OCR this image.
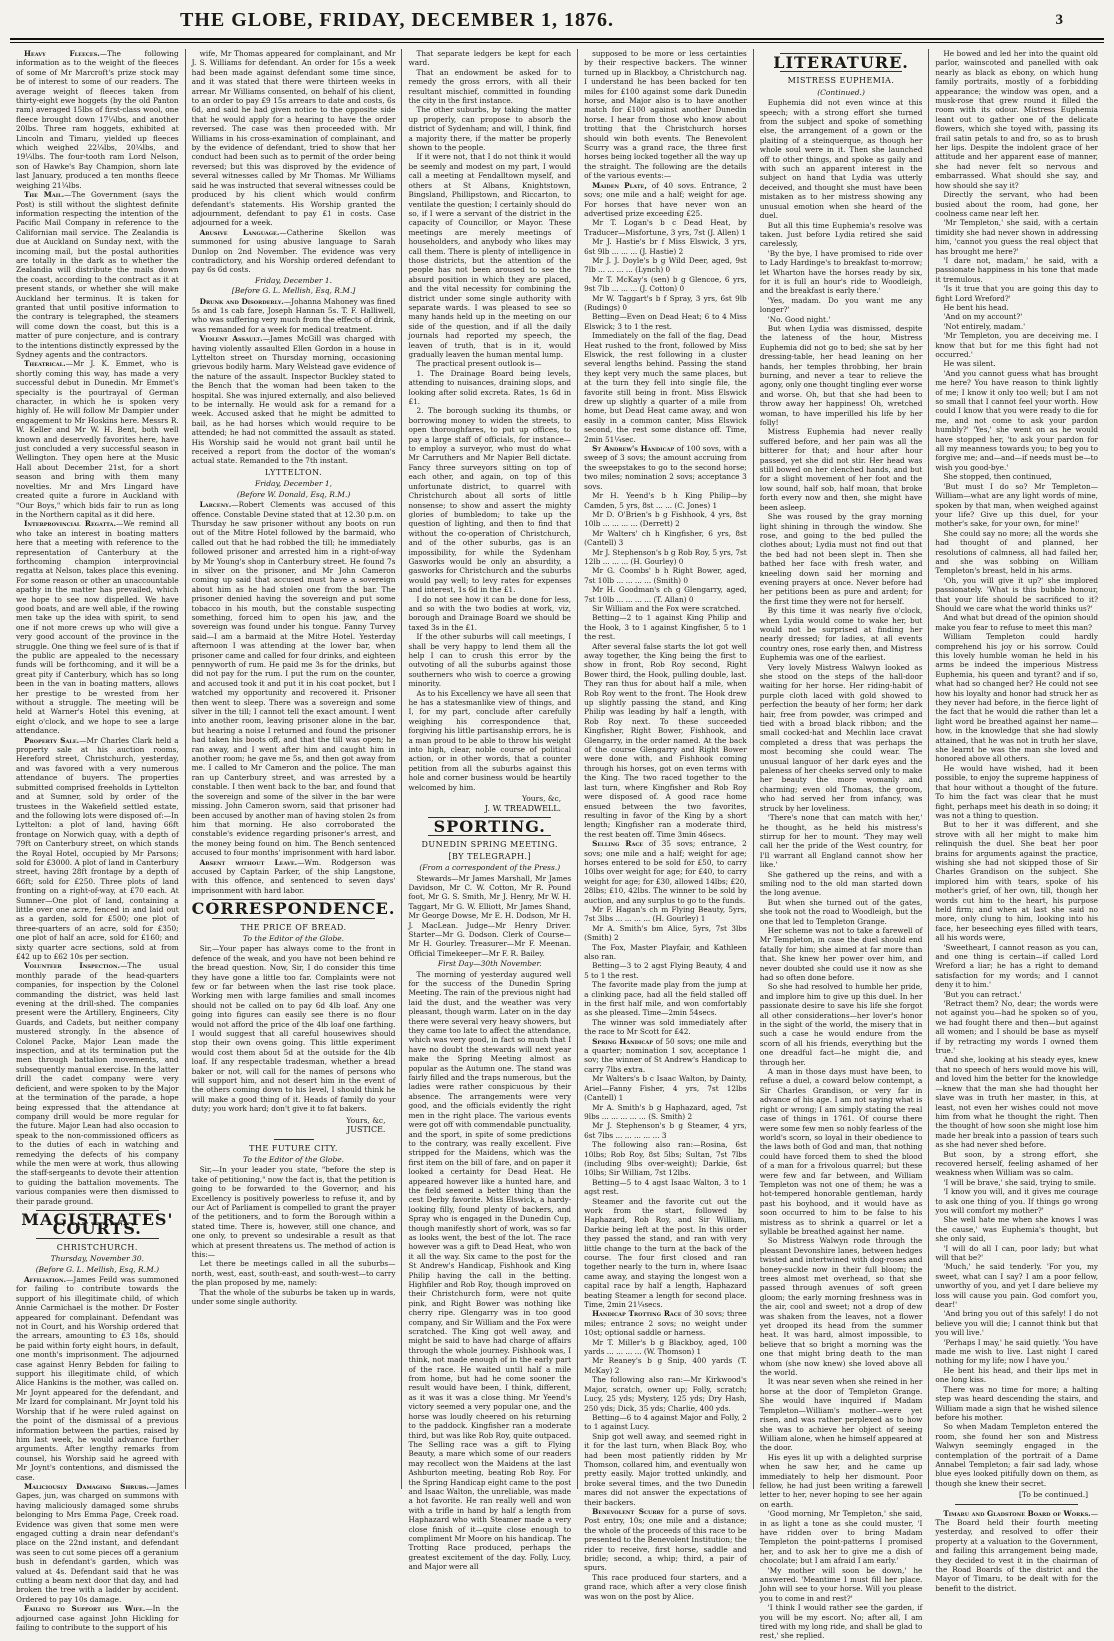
THE GLOBE, FRIDAY, DECEMBER 1, 1876.	3

Heavy Fleeces.—The following information as to the weight of the fleeces of some of Mr Marcroft's prize stock may be of interest to some of our readers. The average weight of fleeces taken from thirty-eight ewe hoggets (by the old Panton ram) averaged 15lbs of first-class wool, one fleece brought down 17¼lbs, and another 20lbs. Three ram hoggets, exhibited at Lincoln and Timaru, yielded up fleeces which weighed 22¼lbs, 20¼lbs, and 19¼lbs. The four-tooth ram Lord Nelson, son of Hawke's Bay Champion, shorn late last January, produced a ten months fleece weighing 21¼lbs.

The Mail.—The Government (says the Post) is still without the slightest definite information respecting the intention of the Pacific Mail Company in reference to the Californian mail service. The Zealandia is due at Auckland on Sunday next, with the incoming mail, but the postal authorities are totally in the dark as to whether the Zealandia will distribute the mails down the coast, according to the contract as it at present stands, or whether she will make Auckland her terminus. It is taken for granted that until positive information to the contrary is telegraphed, the steamers will come down the coast, but this is a matter of pure conjecture, and is contrary to the intentions distinctly expressed by the Sydney agents and the contractors.

Theatrical.—Mr J. K. Emmet, who is shortly coming this way, has made a very successful debut in Dunedin. Mr Emmet's specialty is the pourtrayal of German character, in which he is spoken very highly of. He will follow Mr Dampier under engagement to Mr Hoskins here. Messrs R. W. Keller and Mr W. H. Bent, both well known and deservedly favorites here, have just concluded a very successful season in Wellington. They open here at the Music Hall about December 21st, for a short season and bring with them many novelties. Mr and Mrs Lingard have created quite a furore in Auckland with "Our Boys," which bids fair to run as long in the Northern capital as it did here.

Interprovincial Regatta.—We remind all who take an interest in boating matters here that a meeting with reference to the representation of Canterbury at the forthcoming champion interprovincial regatta at Nelson, takes place this evening. For some reason or other an unaccountable apathy in the matter has prevailed, which we hope to see now dispelled. We have good boats, and are well able, if the rowing men take up the idea with spirit, to send one if not more crews up who will give a very good account of the province in the struggle. One thing we feel sure of is that if the public are appealed to the necessary funds will be forthcoming, and it will be a great pity if Canterbury, which has so long been in the van in boating matters, allows her prestige to be wrested from her without a struggle. The meeting will be held at Warner's Hotel this evening, at eight o'clock, and we hope to see a large attendance.

Property Sale.—Mr Charles Clark held a property sale at his auction rooms, Hereford street, Christchurch, yesterday, and was favored with a very numerous attendance of buyers. The properties submitted comprised freeholds in Lyttelton and at Sumner, sold by order of the trustees in the Wakefield settled estate, and the following lots were disposed of:—In Lyttelton: a plot of land, having 66ft frontage on Norwich quay, with a depth of 79ft on Canterbury street, on which stands the Royal Hotel, occupied by Mr Parsons; sold for £3000. A plot of land in Canterbury street, having 28ft frontage by a depth of 66ft; sold for £250. Three plots of land fronting on a right-of-way, at £70 each. At Sumner—One plot of land, containing a little over one acre, fenced in and laid out as a garden, sold for £500; one plot of three-quarters of an acre, sold for £350; one plot of half an acre, sold for £160; and sixty quarter acre sections, sold at from £42 up to £62 10s per section.

Volunteer Inspection.—The usual monthly parade of the head-quarters companies, for inspection by the Colonel commanding the district, was held last evening at the drill-shed. The companies present were the Artillery, Engineers, City Guards, and Cadets, but neither company mustered strongly. In the absence of Colonel Packe, Major Lean made the inspection, and at its termination put the men through battalion movements, and subsequently manual exercise. In the latter drill the cadet company were very deficient, and were spoken to by the Major at the termination of the parade, a hope being expressed that the attendance at company drill would be more regular for the future. Major Lean had also occasion to speak to the non-commissioned officers as to the duties of each in watching and remedying the defects of his company while the men were at work, thus allowing the staff-sergeants to devote their attention to guiding the battalion movements. The various companies were then dismissed to their parade ground.

MAGISTRATES' COURTS.
CHRISTCHURCH.
Thursday, November 30.
(Before G. L. Mellish, Esq, R.M.)

Affiliation.—James Feild was summoned for failing to contribute towards the support of his illegitimate child, of which Annie Carmichael is the mother. Dr Foster appeared for complainant. Defendant was not in Court, and his Worship ordered that the arrears, amounting to £3 18s, should be paid within forty eight hours, in default, one month's imprisonment. The adjourned case against Henry Bebden for failing to support his illegitimate child, of which Alice Hankins is the mother, was called on. Mr Joynt appeared for the defendant, and Mr Izard for complainant. Mr Joynt told his Worship that if he were ruled against on the point of the dismissal of a previous information between the parties, raised by him last week, he would advance further arguments. After lengthy remarks from counsel, his Worship said he agreed with Mr Joynt's contentions, and dismissed the case.

Maliciously Damaging Shrubs.—James Gapes, jun, was charged on summons with having maliciously damaged some shrubs belonging to Mrs Emma Page, Creek road. Evidence was given that some men were engaged cutting a drain near defendant's place on the 22nd instant, and defendant was seen to cut some pieces off a geranium bush in defendant's garden, which was valued at 4s. Defendant said that he was cutting a beam next door that day, and had broken the tree with a ladder by accident. Ordered to pay 10s damage.

Failing to Support his Wife.—In the adjourned case against John Hickling for failing to contribute to the support of his

wife, Mr Thomas appeared for complainant, and Mr J. S. Williams for defendant. An order for 15s a week had been made against defendant some time since, and it was stated that there were thirteen weeks in arrear. Mr Williams consented, on behalf of his client, to an order to pay £9 15s arrears to date and costs, 6s 6d, and said he had given notice to the opposite side that he would apply for a hearing to have the order reversed. The case was then proceeded with. Mr Williams in his cross-examination of complainant, and by the evidence of defendant, tried to show that her conduct had been such as to permit of the order being reversed; but this was disproved by the evidence of several witnesses called by Mr Thomas. Mr Williams said he was instructed that several witnesses could be produced by his client which would confirm defendant's statements. His Worship granted the adjournment, defendant to pay £1 in costs. Case adjourned for a week.

Abusive Language.—Catherine Skellon was summoned for using abusive language to Sarah Dunlop on 2nd November. The evidence was very contradictory, and his Worship ordered defendant to pay 6s 6d costs.

Friday, December 1.
[Before G. L. Mellish, Esq, R.M.]

Drunk and Disorderly.—Johanna Mahoney was fined 5s and 1s cab fare, Joseph Hannan 5s. T. F. Halliwell, who was suffering very much from the effects of drink, was remanded for a week for medical treatment.

Violent Assault.—James McGill was charged with having violently assaulted Ellen Gordon in a house in Lyttelton street on Thursday morning, occasioning grievous bodily harm. Mary Welstead gave evidence of the nature of the assault. Inspector Buckley stated to the Bench that the woman had been taken to the hospital. She was injured externally, and also believed to be internally. He would ask for a remand for a week. Accused asked that he might be admitted to bail, as he had horses which would require to be attended; he had not committed the assault as stated. His Worship said he would not grant bail until he received a report from the doctor of the woman's actual state. Remanded to the 7th instant.

LYTTELTON.
Friday, December 1,
(Before W. Donald, Esq, R.M.)

Larceny.—Robert Clements was accused of this offence. Constable Devine stated that at 12.30 p.m. on Thursday he saw prisoner without any boots on run out of the Mitre Hotel followed by the barmaid, who called out that he had robbed the till; he immediately followed prisoner and arrested him in a right-of-way by Mr Young's shop in Canterbury street. He found 7s in silver on the prisoner, and Mr John Cameron coming up said that accused must have a sovereign about him as he had stolen one from the bar. The prisoner denied having the sovereign and put some tobacco in his mouth, but the constable suspecting something, forced him to open his jaw, and the sovereign was found under his tongue. Fanny Turvey said—I am a barmaid at the Mitre Hotel. Yesterday afternoon I was attending at the lower bar, when prisoner came and called for four drinks, and eighteen pennyworth of rum. He paid me 3s for the drinks, but did not pay for the rum. I put the rum on the counter, and accused took it and put it in his coat pocket, but I watched my opportunity and recovered it. Prisoner then went to sleep. There was a sovereign and some silver in the till; I cannot tell the exact amount. I went into another room, leaving prisoner alone in the bar, but hearing a noise I returned and found the prisoner had taken his boots off, and that the till was open; he ran away, and I went after him and caught him in another room; he gave me 5s, and then got away from me. I called to Mr Cameron and the police. The man ran up Canterbury street, and was arrested by a constable. I then went back to the bar, and found that the sovereign and some of the silver in the bar were missing. John Cameron sworn, said that prisoner had been accused by another man of having stolen 2s from him that morning. He also corroborated the constable's evidence regarding prisoner's arrest, and the money being found on him. The Bench sentenced accused to four months' imprisonment with hard labor.

Absent without Leave.—Wm. Rodgerson was accused by Captain Parker, of the ship Langstone, with this offence, and sentenced to seven days' imprisonment with hard labor.

CORRESPONDENCE.
THE PRICE OF BREAD.
To the Editor of the Globe.

Sir,—Your paper has always come to the front in defence of the weak, and you have not been behind re the bread question. Now, Sir, I do consider this time they have gone a little too far. Complaints were not few or far between when the last rise took place. Working men with large families and small incomes should not be called on to pay 6d 4lb loaf. Any one going into figures can easily see there is no flour would not afford the price of the 4lb loaf one farthing. I would suggest that all careful housewives should stop their own ovens going. This little experiment would cost them about 5d at the outside for the 4lb loaf. If any respectable tradesman, whether a bread baker or not, will call for the names of persons who will support him, and not desert him in the event of the others coming down to his level, I should think he will make a good thing of it. Heads of family do your duty; you work hard; don't give it to fat bakers.

Yours, &c,
JUSTICE.
THE FUTURE CITY.
To the Editor of the Globe.

Sir,—In your leader you state, "before the step is take of petitioning," now the fact is, that the petition is going to be forwarded to the Governor, and his Excellency is positively powerless to refuse it, and by our Act of Parliament is compelled to grant the prayer of the petitioners, and to form the Borough within a stated time. There is, however, still one chance, and one only, to prevent so undesirable a result as that which at present threatens us. The method of action is this:—

Let there be meetings called in all the suburbs—north, west, east, south-east, and south-west—to carry the plan proposed by me, namely:

That the whole of the suburbs be taken up in wards, under some single authority.

That separate ledgers be kept for each ward.

That an endowment be asked for to remedy the gross errors, with all their resultant mischief, committed in founding the city in the first instance.

The other suburbs, by taking the matter up properly, can propose to absorb the district of Sydenham; and will, I think, find a majority there, if the matter be properly shown to the people.

If it were not, that I do not think it would be seemly and modest on my part, I would call a meeting at Fendalltown myself, and others at St Albans, Knightstown, Bingsland, Phillipstown, and Riccarton, to ventilate the question; I certainly should do so, if I were a servant of the district in the capacity of Councillor, or Mayor. These meetings are merely meetings of householders, and anybody who likes may call them. There is plenty of intelligence in those districts, but the attention of the people has not been aroused to see the absurd position in which they are placed, and the vital necessity for combining the district under some single authority with separate wards. I was pleased to see so many hands held up in the meeting on our side of the question, and if all the daily journals had reported my speech, the leaven of truth, that is in it, would gradually leaven the human mental lump.

The practical present outlook is—

1. The Drainage Board being levels, attending to nuisances, draining slops, and looking after solid excreta. Rates, 1s 6d in £1.

2. The borough sucking its thumbs, or borrowing money to widen the streets, to open thoroughfares, to put up offices, to pay a large staff of officials, for instance—to employ a surveyor, who must do what Mr Carruthers and Mr Napier Bell dictate. Fancy three surveyors sitting on top of each other, and again, on top of this unfortunate district, to quarrel with Christchurch about all sorts of little nonsense; to show and assert the mighty glories of bumbledom; to take up the question of lighting, and then to find that without the co-operation of Christchurch, and of the other suburbs, gas is an impossibility, for while the Sydenham Gasworks would be only an absurdity, a gasworks for Christchurch and the suburbs would pay well; to levy rates for expenses and interest, 1s 6d in the £1.

I do not see how it can be done for less, and so with the two bodies at work, viz, borough and Drainage Board we should be taxed 3s in the £1.

If the other suburbs will call meetings, I shall be very happy to lend them all the help I can to crush this error by the outvoting of all the suburbs against those southerners who wish to coerce a growing minority.

As to his Excellency we have all seen that he has a statesmanlike view of things, and I, for my part, conclude after carefully weighing his correspondence that, forgiving his little partisanship errors, he is a man proud to be able to throw his weight into high, clear, noble course of political action, or in other words, that a counter petition from all the suburbs against this hole and corner business would be heartily welcomed by him.

Yours, &c,
J. W. TREADWELL.
SPORTING.
DUNEDIN SPRING MEETING.
[BY TELEGRAPH.]
(From a correspondent of the Press.)

Stewards—Mr James Marshall, Mr James Davidson, Mr C. W. Cotton, Mr R. Pound foot, Mr G. S. Smith, Mr J. Henry, Mr W. H. Taggart, Mr G. W. Elliott, Mr James Shand, Mr George Dowse, Mr E. H. Dodson, Mr H. J. MacLean. Judge—Mr Henry Driver. Starter—Mr G. Dodson. Clerk of Course—Mr H. Gourley. Treasurer—Mr F. Meenan. Official Timekeeper—Mr F. R. Bailey.

First Day—30th November.

The morning of yesterday augured well for the success of the Dunedin Spring Meeting. The rain of the previous night had laid the dust, and the weather was very pleasant, though warm. Later on in the day there were several very heavy showers, but they came too late to affect the attendance, which was very good, in fact so much that I have no doubt the stewards will next year make the Spring Meeting almost as popular as the Autumn one. The stand was fairly filled and the traps numerous, but the ladies were rather conspicuous by their absence. The arrangements were very good, and the officials evidently the right men in the right place. The various events were got off with commendable punctuality, and the sport, in spite of some predictions to the contrary, was really excellent. Five stripped for the Maidens, which was the first item on the bill of fare, and on paper it looked a certainty for Dead Heat. He appeared however like a hunted hare, and the field seemed a better thing than the cest Derby favorite. Miss Elswick, a hardy-looking filly, found plenty of backers, and Spray who is engaged in the Dunedin Cup, though manifestly short of work, was so far as looks went, the best of the lot. The race however was a gift to Dead Heat, who won it all the way. Six came to the post for the St Andrew's Handicap, Fishhook and King Philip having the call in the betting. Highfiler and Rob Roy, though improved on their Christchurch form, were not quite pink, and Right Bower was nothing like cherry ripe. Glengarry was in too good company, and Sir William and the Fox were scratched. The King got well away, and might be said to have had charge of affairs through the whole journey. Fishhook was, I think, not made enough of in the early part of the race. He waited until half a mile from home, but had he come sooner the result would have been, I think, different, as it was it was a close thing. Mr Yeend's victory seemed a very popular one, and the horse was loudly cheered on his returning to the paddock. Kingfisher ran a moderate third, but was like Rob Roy, quite outpaced. The Selling race was a gift to Flying Beauty, a mare which some of our readers may recollect won the Maidens at the last Ashburton meeting, beating Rob Roy. For the Spring Handicap eight came to the post and Isaac Walton, the unreliable, was made a hot favorite. He ran really well and won with a trifle in hand by half a length from Haphazard who with Steamer made a very close finish of it—quite close enough to compliment Mr Moore on his handicap. The Trotting Race produced, perhaps the greatest excitement of the day. Folly, Lucy, and Major were all

supposed to be more or less certainties by their respective backers. The winner turned up in Blackboy, a Christchurch nag. I understand he has been backed for ten miles for £100 against some dark Dunedin horse, and Major also is to have another match for £100 against another Dunedin horse. I hear from those who know about trotting that the Christchurch horses should win both events. The Benevolent Scurry was a grand race, the three first horses being locked together all the way up the straight. The following are the details of the various events:—

Maiden Plate, of 40 sovs. Entrance, 2 sovs; one mile and a half; weight for age. For horses that have never won an advertised prize exceeding £25.

Mr T. Logan's b c Dead Heat, by Traducer—Misfortune, 3 yrs, 7st (J. Allen) 1

Mr J. Hastie's br f Miss Elswick, 3 yrs, 6st 9lb ... ... ... (J. Hastie) 2

Mr J. J. Doyle's b g Wild Deer, aged, 9st 7lb ... ... ... ... (Lynch) 0

Mr T. McKay's (sen) b g Glencoe, 6 yrs, 9st 7lb ... ... ... (J. Cotton) 0

Mr W. Taggart's b f Spray, 3 yrs, 6st 9lb (Rudings) 0

Betting—Even on Dead Heat; 6 to 4 Miss Elswick; 3 to 1 the rest.

Immediately on the fall of the flag, Dead Heat rushed to the front, followed by Miss Elswick, the rest following in a cluster several lengths behind. Passing the stand they kept very much the same places, but at the turn they fell into single file, the favorite still being in front. Miss Elswick drew up slightly a quarter of a mile from home, but Dead Heat came away, and won easily in a common canter, Miss Elswick second, the rest some distance off. Time, 2min 51¼sec.

St Andrew's Handicap of 100 sovs, with a sweep of 3 sovs; the amount accruing from the sweepstakes to go to the second horse; two miles; nomination 2 sovs; acceptance 3 sovs.

Mr H. Yeend's b h King Philip—by Camden, 5 yrs, 8st ... ... (C. Jones) 1

Mr D. O'Brien's b g Fishhook, 4 yrs, 8st 10lb ... ... ... ... (Derrett) 2

Mr Walters' ch h Kingfisher, 6 yrs, 8st (Cantell) 3

Mr J. Stephenson's b g Rob Roy, 5 yrs, 7st 12lb ... ... ... (H. Gourley) 0

Mr G. Coombs' b h Right Bower, aged, 7st 10lb ... ... ... ... (Smith) 0

Mr H. Goodman's ch g Glengarry, aged, 7st 10lb ... ... ... ... (T. Allan) 0

Sir William and the Fox were scratched.

Betting—2 to 1 against King Philip and the Hook, 3 to 1 against Kingfisher, 5 to 1 the rest.

After several false starts the lot got well away together, the King being the first to show in front, Rob Roy second, Right Bower third, the Hook, pulling double, last. They ran thus for about half a mile, when Rob Roy went to the front. The Hook drew up slightly passing the stand, and King Philip was leading by half a length, with Rob Roy next. To these succeeded Kingfisher, Right Bower, Fishhook, and Glengarry, in the order named. At the back of the course Glengarry and Right Bower were done with, and Fishhook coming through his horses, got on even terms with the King. The two raced together to the last turn, where Kingfisher and Rob Roy were disposed of. A good race home ensued between the two favorites, resulting in favor of the King by a short length; Kingfisher ran a moderate third, the rest beaten off. Time 3min 46secs.

Selling Race of 35 sovs; entrance, 2 sovs; one mile and a half; weight for age; horses entered to be sold for £50, to carry 10lbs over weight for age; for £40, to carry weight for age; for £30, allowed 14lbs; £20, 28lbs; £10, 42lbs. The winner to be sold by auction, and any surplus to go to the funds.

Mr F. Hagan's ch m Flying Beauty, 5yrs, 7st 3lbs ... ... ... ... (H. Gourley) 1

Mr A. Smith's bm Alice, 5yrs, 7st 3lbs (Smith) 2

The Fox, Master Playfair, and Kathleen also ran.

Betting—3 to 2 agst Flying Beauty, 4 and 5 to 1 the rest.

The favorite made play from the jump at a clinking pace, had all the field stalled off in the first half mile, and won comfortably as she pleased. Time—2min 54secs.

The winner was sold immediately after the race to Mr Scott for £42.

Spring Handicap of 50 sovs; one mile and a quarter; nomination 1 sov, acceptance 1 sov; the winner of St Andrew's Handicap to carry 7lbs extra.

Mr Walters's b c Isaac Walton, by Dainty, Ariel—Fanny Fisher, 4 yrs, 7st 12lbs (Cantell) 1

Mr A. Smith's b g Haphazard, aged, 7st 9lbs ... ... ... ... ... (S. Smith) 2

Mr J. Stephenson's b g Steamer, 4 yrs, 6st 7lbs ... ... ... ... ... 3

The following also ran:—Rosina, 6st 10lbs; Rob Roy, 8st 5lbs; Sultan, 7st 7lbs (including 9lbs over-weight); Darkie, 6st 10lbs; Sir William, 7st 12lbs.

Betting—5 to 4 agst Isaac Walton, 3 to 1 agst rest.

Steamer and the favorite cut out the work from the start, followed by Haphazard, Rob Roy, and Sir William, Darkie being left at the post. In this order they passed the stand, and ran with very little change to the turn at the back of the course. The four first closed and ran together nearly to the turn in, where Isaac came away, and staying the longest won a capital race by half a length, Haphazard beating Steamer a length for second place. Time, 2min 21¼secs.

Handicap Trotting Race of 30 sovs; three miles; entrance 2 sovs; no weight under 10st; optional saddle or harness.

Mr T. Miller's b g Blackboy, aged, 100 yards ... ... ... ... (W. Thomson) 1

Mr Reaney's b g Snip, 400 yards (T. McKay) 2

The following also ran:—Mr Kirkwood's Major, scratch, owner up; Folly, scratch; Lucy, 25 yds; Mystery, 125 yds; Dry Hash, 250 yds; Dick, 35 yds; Charlie, 400 yds.

Betting—6 to 4 against Major and Folly, 2 to 1 against Lucy.

Snip got well away, and seemed right in it for the last turn, when Black Boy, who had been most patiently ridden by Mr Thomson, collared him, and eventually won pretty easily. Major trotted unkindly, and broke several times, and the two Dunedin mares did not answer the expectations of their backers.

Benevolent Scurry for a purse of sovs. Post entry, 10s; one mile and a distance; the whole of the proceeds of this race to be presented to the Benevolent Institution; the rider to receive, first horse, saddle and bridle; second, a whip; third, a pair of spurs.

This race produced four starters, and a grand race, which after a very close finish was won on the post by Alice.

LITERATURE.
MISTRESS EUPHEMIA.
(Continued.)

Euphemia did not even wince at this speech; with a strong effort she turned from the subject and spoke of something else, the arrangement of a gown or the plaiting of a steinquerque, as though her whole soul were in it. Then she launched off to other things, and spoke as gaily and with such an apparent interest in the subject on hand that Lydia was utterly deceived, and thought she must have been mistaken as to her mistress showing any unusual emotion when she heard of the duel.

But all this time Euphemia's resolve was taken. Just before Lydia retired she said carelessly,

'By the bye, I have promised to ride over to Lady Hardinge's to breakfast to-morrow; let Wharton have the horses ready by six, for it is full an hour's ride to Woodleigh, and the breakfast is early there.'

'Yes, madam. Do you want me any longer?'

'No. Good night.'

But when Lydia was dismissed, despite the lateness of the hour, Mistress Euphemia did not go to bed; she sat by her dressing-table, her head leaning on her hands, her temples throbbing, her brain burning, and never a tear to relieve the agony, only one thought tingling ever worse and worse. Oh, but that she had been to throw away her happiness! Oh, wretched woman, to have imperilled his life by her folly!

Mistress Euphemia had never really suffered before, and her pain was all the bitterer for that; and hour after hour passed, yet she did not stir. Her head was still bowed on her clenched hands, and but for a slight movement of her foot and the low sound, half sob, half moan, that broke forth every now and then, she might have been asleep.

She was roused by the gray morning light shining in through the window. She rose, and going to the bed pulled the clothes about; Lydia must not find out that the bed had not been slept in. Then she bathed her face with fresh water, and kneeling down said her morning and evening prayers at once. Never before had her petitions been as pure and ardent; for the first time they were not for herself.

By this time it was nearly five o'clock, when Lydia would come to wake her, but would not be surprised at finding her nearly dressed; for ladies, at all events country ones, rose early then, and Mistress Euphemia was one of the earliest.

Very lovely Mistress Walwyn looked as she stood on the steps of the hall-door waiting for her horse. Her riding-habit of purple cloth laced with gold showed to perfection the beauty of her form; her dark hair, free from powder, was crimped and tied with a broad black ribbon; and the small cocked-hat and Mechlin lace cravat completed a dress that was perhaps the most becoming she could wear. The unusual languor of her dark eyes and the paleness of her cheeks served only to make her beauty the more womanly and charming; even old Thomas, the groom, who had served her from infancy, was struck by her loveliness.

'There's none that can match with her,' he thought, as he held his mistress's stirrup for her to mount. 'They may well call her the pride of the West country, for I'll warrant all England cannot show her like.'

She gathered up the reins, and with a smiling nod to the old man started down the long avenue.

But when she turned out of the gates, she took not the road to Woodleigh, but the one that led to Templeton Grange.

Her scheme was not to take a farewell of Mr Templeton, in case the duel should end fatally for him; she aimed at far more than that. She knew her power over him, and never doubted she could use it now as she had so often done before.

So she had resolved to humble her pride, and implore him to give up this duel. In her passionate desire to save his life she forgot all other considerations—her lover's honor in the sight of the world, the misery that in such a case he would endure from the scorn of all his friends, everything but the one dreadful fact—he might die, and through her.

A man in those days must have been, to refuse a duel, a coward below contempt, a Sir Charles Grandison, or very far in advance of his age. I am not saying what is right or wrong; I am simply stating the real case of things in 1761. Of course there were some few men so nobly fearless of the world's scorn, so loyal in their obedience to the laws both of God and man, that nothing could have forced them to shed the blood of a man for a frivolous quarrel; but these were few and far between, and William Templeton was not one of them; he was a hot-tempered honorable gentleman, hardy past his boyhood, and it would have as soon occurred to him to be false to his mistress as to shrink a quarrel or let a syllable be breathed against her name.

So Mistress Walwyn rode through the pleasant Devonshire lanes, between hedges twisted and intertwined with dog-roses and honey-suckle now in their full bloom; the trees almost met overhead, so that she passed through avenues of soft green gloom; the early morning freshness was in the air, cool and sweet; not a drop of dew was shaken from the leaves, not a flower yet drooped its head from the summer heat. It was hard, almost impossible, to believe that so bright a morning was the one that might bring death to the man whom (she now knew) she loved above all the world.

It was near seven when she reined in her horse at the door of Templeton Grange. She would have inquired if Madam Templeton—William's mother—were yet risen, and was rather perplexed as to how she was to achieve her object of seeing William alone, when he himself appeared at the door.

His eyes lit up with a delighted surprise when he saw her, and he came up immediately to help her dismount. Poor fellow, he had just been writing a farewell letter to her, never hoping to see her again on earth.

'Good morning, Mr Templeton,' she said, in as light a tone as she could muster, 'I have ridden over to bring Madam Templeton the point-patterns I promised her, and to ask her to give me a dish of chocolate; but I am afraid I am early.'

'My mother will soon be down,' he answered. 'Meantime I must fill her place. John will see to your horse. Will you please you to come in and rest?'

'I think I would rather see the garden, if you will be my escort. No; after all, I am tired with my long ride, and shall be glad to rest,' she replied.

He bowed and led her into the quaint old parlor, wainscoted and panelled with oak nearly as black as ebony, on which hung family portraits, mostly of a forbidding appearance; the window was open, and a musk-rose that grew round it filled the room with its odour. Mistress Euphemia leant out to gather one of the delicate flowers, which she toyed with, passing its frail satin petals to and fro, so as to brush her lips. Despite the indolent grace of her attitude and her apparent ease of manner, she had never felt so nervous and embarrassed. What should she say, and how should she say it?

Directly the servant, who had been busied about the room, had gone, her coolness came near left her.

'Mr Templeton,' she said, with a certain timidity she had never shown in addressing him, 'cannot you guess the real object that has brought me here?'

'I dare not, madam,' he said, with a passionate happiness in his tone that made it tremulous.

'Is it true that you are going this day to fight Lord Wreford?'

He bent his head.

'And on my account?'

'Not entirely, madam.'

'Mr Templeton, you are deceiving me. I know that but for me this fight had not occurred.'

He was silent.

'And you cannot guess what has brought me here? You have reason to think lightly of me; I know it only too well; but I am not so small that I cannot feel your worth. How could I know that you were ready to die for me, and not come to ask your pardon humbly?' 'Yes,' she went on as he would have stopped her, 'to ask your pardon for all my meanness towards you; to beg you to forgive me; and—and—if needs must be—to wish you good-bye.'

She stopped, then continued,

'But must I do so? Mr Templeton—William—what are any light words of mine, spoken by that man, when weighed against your life? Give up this duel, for your mother's sake, for your own, for mine!'

She could say no more; all the words she had thought of and planned, her resolutions of calmness, all had failed her, and she was sobbing on William Templeton's breast, held in his arms.

'Oh, you will give it up?' she implored passionately. 'What is this bubble honour, that your life should be sacrificed to it? Should we care what the world thinks us?'

And what but dread of the opinion should make you fear to refuse to meet this man?

William Templeton could hardly comprehend his joy or his sorrow. Could this lovely humble woman he held in his arms be indeed the imperious Mistress Euphemia, his queen and tyrant? and if so, what had so changed her? He could not see how his loyalty and honor had struck her as they never had before, in the fierce light of the fact that he would die rather than let a light word be breathed against her name—how, in the knowledge that she had slowly attained, that he was not in truth her slave, she learnt he was the man she loved and honored above all others.

He would have wished, had it been possible, to enjoy the supreme happiness of that hour without a thought of the future. To him the fact was clear that he must fight, perhaps meet his death in so doing; it was not a thing to question.

But to her it was different, and she strove with all her might to make him relinquish the duel. She beat her poor brains for arguments against the practice, wishing she had not skipped those of Sir Charles Grandison on the subject. She implored him with tears, spoke of his mother's grief, of her own, till, though her words cut him to the heart, his purpose held firm; and when at last she said no more, only clung to him, looking into his face, her beseeching eyes filled with tears, all his words were,

'Sweetheart, I cannot reason as you can, and one thing is certain—if called Lord Wreford a liar; he has a right to demand satisfaction for my words; and I cannot deny it to him.'

'But you can retract.'

'Retract them? No, dear; the words were not against you—had he spoken so of you, we had fought there and then—but against all women; and I should be base as myself if by retracting my words I owned them true.'

And she, looking at his steady eyes, knew that no speech of hers would move his will, and loved him the better for the knowledge—knew that the man she had thought her slave was in truth her master, in this, at least, not even her wishes could not move him from what he thought the right. Then the thought of how soon she might lose him made her break into a passion of tears such as she had never shed before.

But soon, by a strong effort, she recovered herself, feeling ashamed of her weakness when William was so calm.

'I will be brave,' she said, trying to smile.

'I know you will, and it gives me courage to ask one thing of you. If things go wrong you will comfort my mother?'

She well hate me when she knows I was the cause,' was Euphemia's thought, but she only said,

'I will do all I can, poor lady; but what will that be?'

'Much,' he said tenderly. 'For you, my sweet, what can I say? I am a poor fellow, unworthy of you, and yet I dare believe my loss will cause you pain. God comfort you, dear!'

'And bring you out of this safely! I do not believe you will die; I cannot think but that you will live.'

'Perhaps I may,' he said quietly. 'You have made me wish to live. Last night I cared nothing for my life; now I have you.'

He bent his head, and their lips met in one long kiss.

There was no time for more; a halting step was heard descending the stairs, and William made a sign that he wished silence before his mother.

So when Madam Templeton entered the room, she found her son and Mistress Walwyn seemingly engaged in the contemplation of the portrait of a Dame Annabel Templeton; a fair sad lady, whose blue eyes looked pitifully down on them, as though she knew their secret.

[To be continued.]

Timaru and Gladstone Board of Works.—The Board held their fourth meeting yesterday, and resolved to offer their property at a valuation to the Government, and failing this arrangement being made, they decided to vest it in the chairman of the Road Boards of the district and the Mayor of Timaru, to be dealt with for the benefit to the district.
